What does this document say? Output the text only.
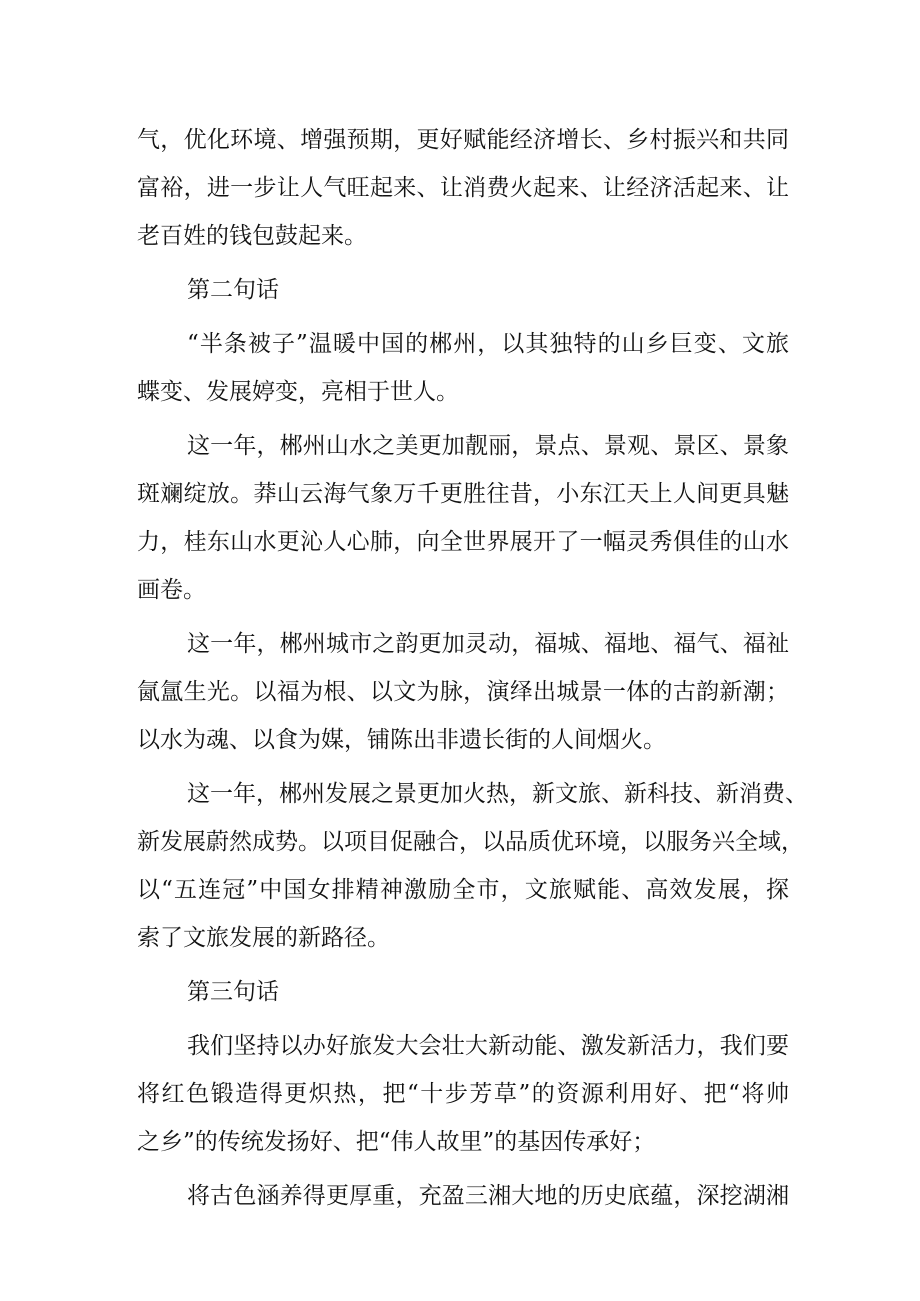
气，优化环境、增强预期，更好赋能经济增长、乡村振兴和共同
富裕，进一步让人气旺起来、让消费火起来、让经济活起来、让
老百姓的钱包鼓起来。
第二句话
“半条被子”温暖中国的郴州，以其独特的山乡巨变、文旅
蝶变、发展婷变，亮相于世人。
这一年，郴州山水之美更加靓丽，景点、景观、景区、景象
斑斓绽放。莽山云海气象万千更胜往昔，小东江天上人间更具魅
力，桂东山水更沁人心肺，向全世界展开了一幅灵秀俱佳的山水
画卷。
这一年，郴州城市之韵更加灵动，福城、福地、福气、福祉
氤氲生光。以福为根、以文为脉，演绎出城景一体的古韵新潮；
以水为魂、以食为媒，铺陈出非遗长街的人间烟火。
这一年，郴州发展之景更加火热，新文旅、新科技、新消费、
新发展蔚然成势。以项目促融合，以品质优环境，以服务兴全域，
以“五连冠”中国女排精神激励全市，文旅赋能、高效发展，探
索了文旅发展的新路径。
第三句话
我们坚持以办好旅发大会壮大新动能、激发新活力，我们要
将红色锻造得更炽热，把“十步芳草”的资源利用好、把“将帅
之乡”的传统发扬好、把“伟人故里”的基因传承好；
将古色涵养得更厚重，充盈三湘大地的历史底蕴，深挖湖湘
